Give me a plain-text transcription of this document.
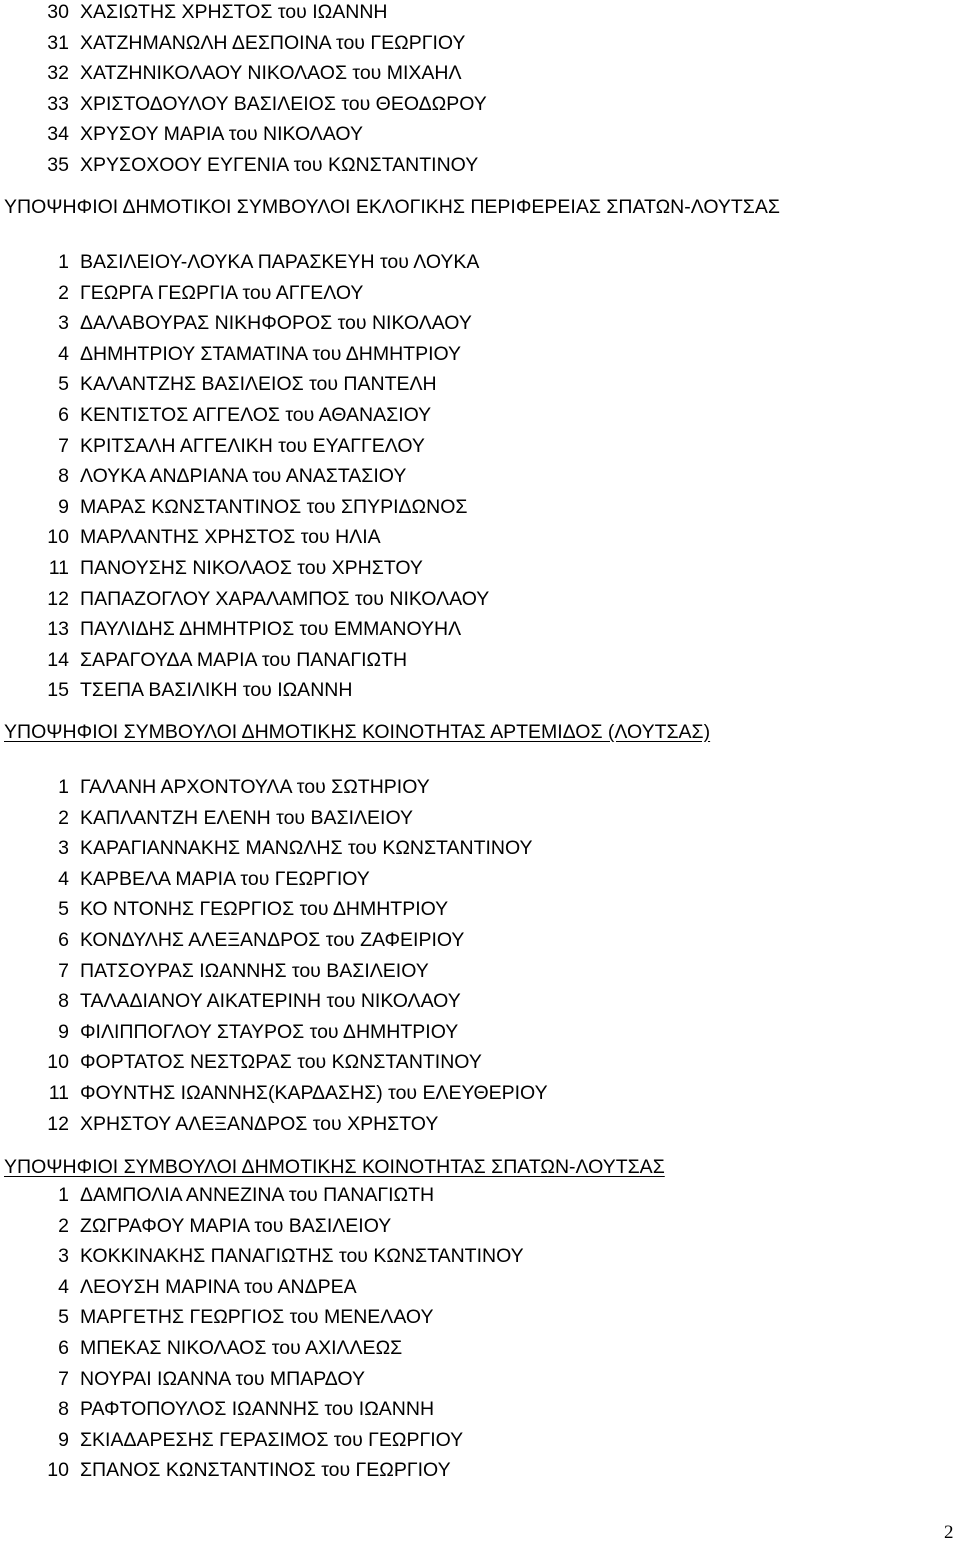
30 ΧΑΣΙΩΤΗΣ ΧΡΗΣΤΟΣ του ΙΩΑΝΝΗ
31 ΧΑΤΖΗΜΑΝΩΛΗ ΔΕΣΠΟΙΝΑ του ΓΕΩΡΓΙΟΥ
32 ΧΑΤΖΗΝΙΚΟΛΑΟΥ ΝΙΚΟΛΑΟΣ του ΜΙΧΑΗΛ
33 ΧΡΙΣΤΟΔΟΥΛΟΥ ΒΑΣΙΛΕΙΟΣ του ΘΕΟΔΩΡΟΥ
34 ΧΡΥΣΟΥ ΜΑΡΙΑ του ΝΙΚΟΛΑΟΥ
35 ΧΡΥΣΟΧΟΟΥ ΕΥΓΕΝΙΑ του ΚΩΝΣΤΑΝΤΙΝΟΥ
ΥΠΟΨΗΦΙΟΙ ΔΗΜΟΤΙΚΟΙ ΣΥΜΒΟΥΛΟΙ ΕΚΛΟΓΙΚΗΣ ΠΕΡΙΦΕΡΕΙΑΣ ΣΠΑΤΩΝ-ΛΟΥΤΣΑΣ
1 ΒΑΣΙΛΕΙΟΥ-ΛΟΥΚΑ ΠΑΡΑΣΚΕΥΗ του ΛΟΥΚΑ
2 ΓΕΩΡΓΑ ΓΕΩΡΓΙΑ του ΑΓΓΕΛΟΥ
3 ΔΑΛΑΒΟΥΡΑΣ ΝΙΚΗΦΟΡΟΣ του ΝΙΚΟΛΑΟΥ
4 ΔΗΜΗΤΡΙΟΥ ΣΤΑΜΑΤΙΝΑ του ΔΗΜΗΤΡΙΟΥ
5 ΚΑΛΑΝΤΖΗΣ ΒΑΣΙΛΕΙΟΣ του ΠΑΝΤΕΛΗ
6 ΚΕΝΤΙΣΤΟΣ ΑΓΓΕΛΟΣ του ΑΘΑΝΑΣΙΟΥ
7 ΚΡΙΤΣΑΛΗ ΑΓΓΕΛΙΚΗ του ΕΥΑΓΓΕΛΟΥ
8 ΛΟΥΚΑ ΑΝΔΡΙΑΝΑ του ΑΝΑΣΤΑΣΙΟΥ
9 ΜΑΡΑΣ ΚΩΝΣΤΑΝΤΙΝΟΣ του ΣΠΥΡΙΔΩΝΟΣ
10 ΜΑΡΛΑΝΤΗΣ ΧΡΗΣΤΟΣ του ΗΛΙΑ
11 ΠΑΝΟΥΣΗΣ ΝΙΚΟΛΑΟΣ του ΧΡΗΣΤΟΥ
12 ΠΑΠΑΖΟΓΛΟΥ ΧΑΡΑΛΑΜΠΟΣ του ΝΙΚΟΛΑΟΥ
13 ΠΑΥΛΙΔΗΣ ΔΗΜΗΤΡΙΟΣ του ΕΜΜΑΝΟΥΗΛ
14 ΣΑΡΑΓΟΥΔΑ ΜΑΡΙΑ του ΠΑΝΑΓΙΩΤΗ
15 ΤΣΕΠΑ ΒΑΣΙΛΙΚΗ του ΙΩΑΝΝΗ
ΥΠΟΨΗΦΙΟΙ ΣΥΜΒΟΥΛΟΙ ΔΗΜΟΤΙΚΗΣ ΚΟΙΝΟΤΗΤΑΣ ΑΡΤΕΜΙΔΟΣ (ΛΟΥΤΣΑΣ)
1 ΓΑΛΑΝΗ ΑΡΧΟΝΤΟΥΛΑ του ΣΩΤΗΡΙΟΥ
2 ΚΑΠΛΑΝΤΖΗ ΕΛΕΝΗ του ΒΑΣΙΛΕΙΟΥ
3 ΚΑΡΑΓΙΑΝΝΑΚΗΣ ΜΑΝΩΛΗΣ του ΚΩΝΣΤΑΝΤΙΝΟΥ
4 ΚΑΡΒΕΛΑ ΜΑΡΙΑ του ΓΕΩΡΓΙΟΥ
5 ΚΟ ΝΤΟΝΗΣ ΓΕΩΡΓΙΟΣ του ΔΗΜΗΤΡΙΟΥ
6 ΚΟΝΔΥΛΗΣ ΑΛΕΞΑΝΔΡΟΣ του ΖΑΦΕΙΡΙΟΥ
7 ΠΑΤΣΟΥΡΑΣ ΙΩΑΝΝΗΣ του ΒΑΣΙΛΕΙΟΥ
8 ΤΑΛΑΔΙΑΝΟΥ ΑΙΚΑΤΕΡΙΝΗ του ΝΙΚΟΛΑΟΥ
9 ΦΙΛΙΠΠΟΓΛΟΥ ΣΤΑΥΡΟΣ του ΔΗΜΗΤΡΙΟΥ
10 ΦΟΡΤΑΤΟΣ ΝΕΣΤΩΡΑΣ του ΚΩΝΣΤΑΝΤΙΝΟΥ
11 ΦΟΥΝΤΗΣ ΙΩΑΝΝΗΣ(ΚΑΡΔΑΣΗΣ) του ΕΛΕΥΘΕΡΙΟΥ
12 ΧΡΗΣΤΟΥ ΑΛΕΞΑΝΔΡΟΣ του ΧΡΗΣΤΟΥ
ΥΠΟΨΗΦΙΟΙ ΣΥΜΒΟΥΛΟΙ ΔΗΜΟΤΙΚΗΣ ΚΟΙΝΟΤΗΤΑΣ ΣΠΑΤΩΝ-ΛΟΥΤΣΑΣ
1 ΔΑΜΠΟΛΙΑ ΑΝΝΕΖΙΝΑ του ΠΑΝΑΓΙΩΤΗ
2 ΖΩΓΡΑΦΟΥ ΜΑΡΙΑ του ΒΑΣΙΛΕΙΟΥ
3 ΚΟΚΚΙΝΑΚΗΣ ΠΑΝΑΓΙΩΤΗΣ του ΚΩΝΣΤΑΝΤΙΝΟΥ
4 ΛΕΟΥΣΗ ΜΑΡΙΝΑ του ΑΝΔΡΕΑ
5 ΜΑΡΓΕΤΗΣ ΓΕΩΡΓΙΟΣ του ΜΕΝΕΛΑΟΥ
6 ΜΠΕΚΑΣ ΝΙΚΟΛΑΟΣ του ΑΧΙΛΛΕΩΣ
7 ΝΟΥΡΑΙ ΙΩΑΝΝΑ του ΜΠΑΡΔΟΥ
8 ΡΑΦΤΟΠΟΥΛΟΣ ΙΩΑΝΝΗΣ του ΙΩΑΝΝΗ
9 ΣΚΙΑΔΑΡΕΣΗΣ ΓΕΡΑΣΙΜΟΣ του ΓΕΩΡΓΙΟΥ
10 ΣΠΑΝΟΣ ΚΩΝΣΤΑΝΤΙΝΟΣ του ΓΕΩΡΓΙΟΥ
2
